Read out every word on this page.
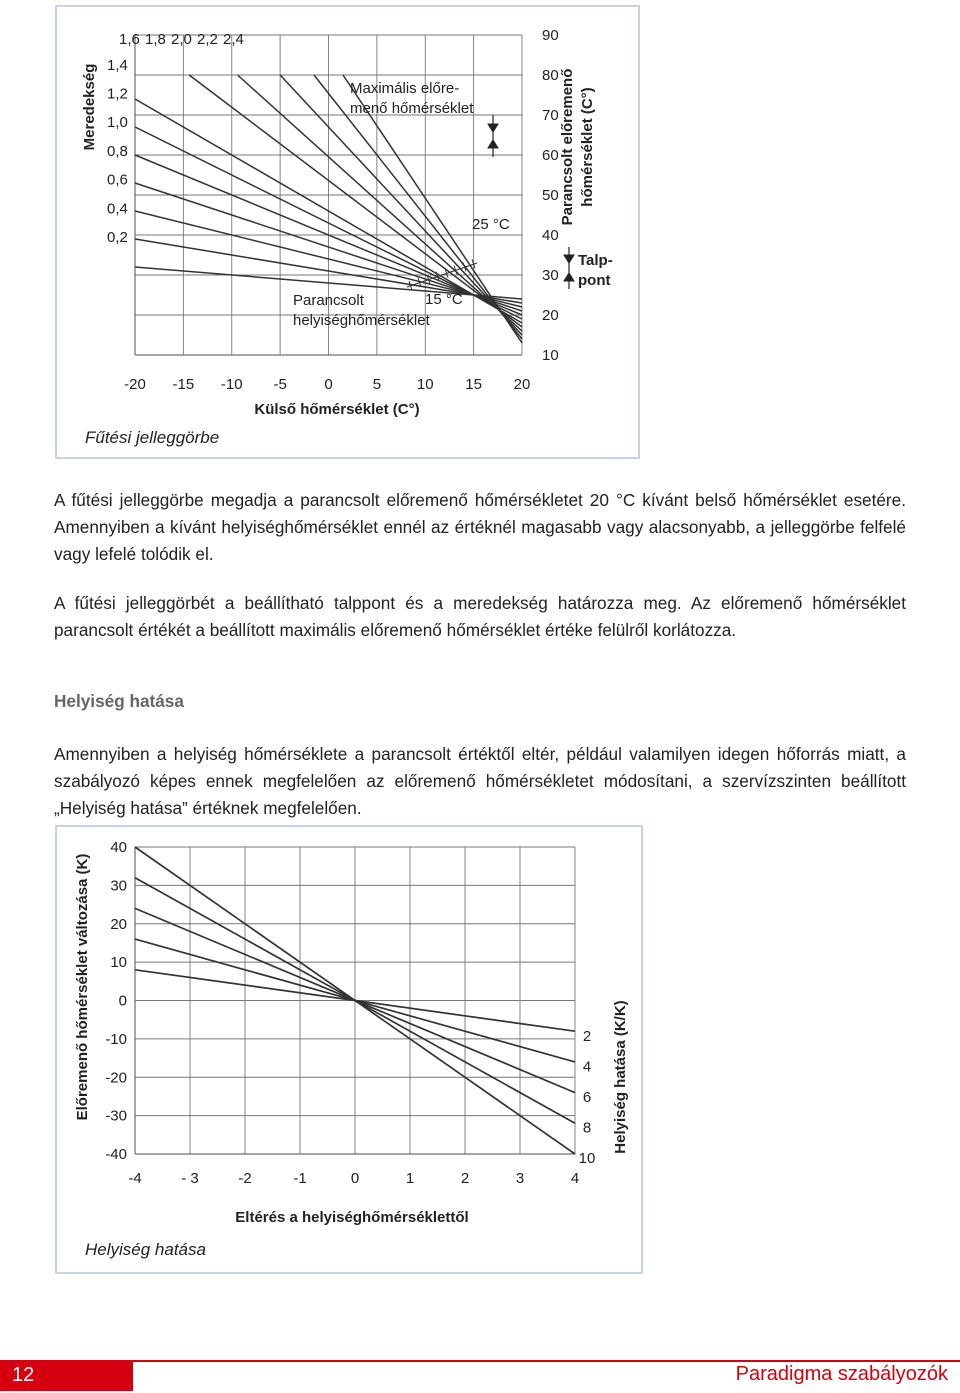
-20 -15 -10 -5	0	5 10 15 20
10
20
30
40
50
60
70
80
90
1,6 1,8 2,0 2,2 2,4
0,2
0,4
0,6
0,8
1,0
1,2
1,4
Meredekség	Parancsolt előremenő hőmérséklet (C°)
Külső hőmérséklet (C°)
Maximális előre-menő hőmérséklet
25 °C
15 °C
Parancsolt helyiséghőmérséklet
Talp-pont
Fűtési jelleggörbe

A fűtési jelleggörbe megadja a parancsolt előremenő hőmérsékletet 20 °C kívánt belső hőmérséklet esetére. Amennyiben a kívánt helyiséghőmérséklet ennél az értéknél magasabb vagy alacsonyabb, a jelleggörbe felfelé vagy lefelé tolódik el.

A fűtési jelleggörbét a beállítható talppont és a meredekség határozza meg. Az előremenő hőmérséklet parancsolt értékét a beállított maximális előremenő hőmérséklet értéke felülről korlátozza.

Helyiség hatása

Amennyiben a helyiség hőmérséklete a parancsolt értéktől eltér, például valamilyen idegen hőforrás miatt, a szabályozó képes ennek megfelelően az előremenő hőmérsékletet módosítani, a szervízszinten beállított „Helyiség hatása” értéknek megfelelően.

-4	- 3	-2	-1	0	1	2	3	4
-40
-30
-20
-10
0
10
20
30
40
2
4
6
8
10
Előremenő hőmérséklet változása (K)	Helyiség hatása (K/K)
Eltérés a helyiséghőmérséklettől
Helyiség hatása
12	Paradigma szabályozók
